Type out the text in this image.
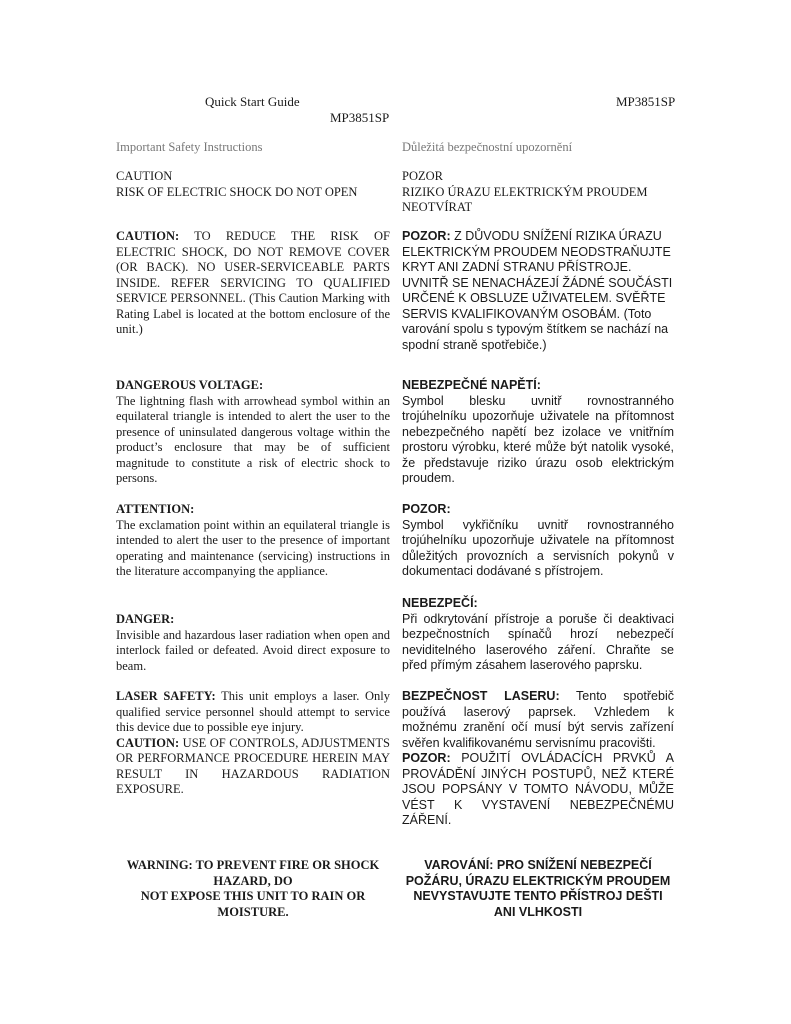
Quick Start Guide	MP3851SP
MP3851SP
Important Safety Instructions

CAUTION

RISK OF ELECTRIC SHOCK DO NOT OPEN

CAUTION: TO REDUCE THE RISK OF ELECTRIC SHOCK, DO NOT REMOVE COVER (OR BACK). NO USER-SERVICEABLE PARTS INSIDE. REFER SERVICING TO QUALIFIED SERVICE PERSONNEL. (This Caution Marking with Rating Label is located at the bottom enclosure of the unit.)

DANGEROUS VOLTAGE:

The lightning flash with arrowhead symbol within an equilateral triangle is intended to alert the user to the presence of uninsulated dangerous voltage within the product’s enclosure that may be of sufficient magnitude to constitute a risk of electric shock to persons.

ATTENTION:

The exclamation point within an equilateral triangle is intended to alert the user to the presence of important operating and maintenance (servicing) instructions in the literature accompanying the appliance.

DANGER:

Invisible and hazardous laser radiation when open and interlock failed or defeated. Avoid direct exposure to beam.

LASER SAFETY: This unit employs a laser. Only qualified service personnel should attempt to service this device due to possible eye injury.

CAUTION: USE OF CONTROLS, ADJUSTMENTS OR PERFORMANCE PROCEDURE HEREIN MAY RESULT IN HAZARDOUS RADIATION EXPOSURE.

WARNING: TO PREVENT FIRE OR SHOCK HAZARD, DO

NOT EXPOSE THIS UNIT TO RAIN OR MOISTURE.

Důležitá bezpečnostní upozornění

POZOR

RIZIKO ÚRAZU ELEKTRICKÝM PROUDEM NEOTVÍRAT

POZOR: Z DŮVODU SNÍŽENÍ RIZIKA ÚRAZU ELEKTRICKÝM PROUDEM NEODSTRAŇUJTE KRYT ANI ZADNÍ STRANU PŘÍSTROJE. UVNITŘ SE NENACHÁZEJÍ ŽÁDNÉ SOUČÁSTI URČENÉ K OBSLUZE UŽIVATELEM. SVĚŘTE SERVIS KVALIFIKOVANÝM OSOBÁM. (Toto varování spolu s typovým štítkem se nachází na spodní straně spotřebiče.)

NEBEZPEČNÉ NAPĚTÍ:

Symbol blesku uvnitř rovnostranného trojúhelníku upozorňuje uživatele na přítomnost nebezpečného napětí bez izolace ve vnitřním prostoru výrobku, které může být natolik vysoké, že představuje riziko úrazu osob elektrickým proudem.

POZOR:

Symbol vykřičníku uvnitř rovnostranného trojúhelníku upozorňuje uživatele na přítomnost důležitých provozních a servisních pokynů v dokumentaci dodávané s přístrojem.

NEBEZPEČÍ:

Při odkrytování přístroje a poruše či deaktivaci bezpečnostních spínačů hrozí nebezpečí neviditelného laserového záření. Chraňte se před přímým zásahem laserového paprsku.

BEZPEČNOST LASERU: Tento spotřebič používá laserový paprsek. Vzhledem k možnému zranění očí musí být servis zařízení svěřen kvalifikovanému servisnímu pracovišti.

POZOR: POUŽITÍ OVLÁDACÍCH PRVKŮ A PROVÁDĚNÍ JINÝCH POSTUPŮ, NEŽ KTERÉ JSOU POPSÁNY V TOMTO NÁVODU, MŮŽE VÉST K VYSTAVENÍ NEBEZPEČNÉMU ZÁŘENÍ.

VAROVÁNÍ: PRO SNÍŽENÍ NEBEZPEČÍ POŽÁRU, ÚRAZU ELEKTRICKÝM PROUDEM

NEVYSTAVUJTE TENTO PŘÍSTROJ DEŠTI ANI VLHKOSTI
